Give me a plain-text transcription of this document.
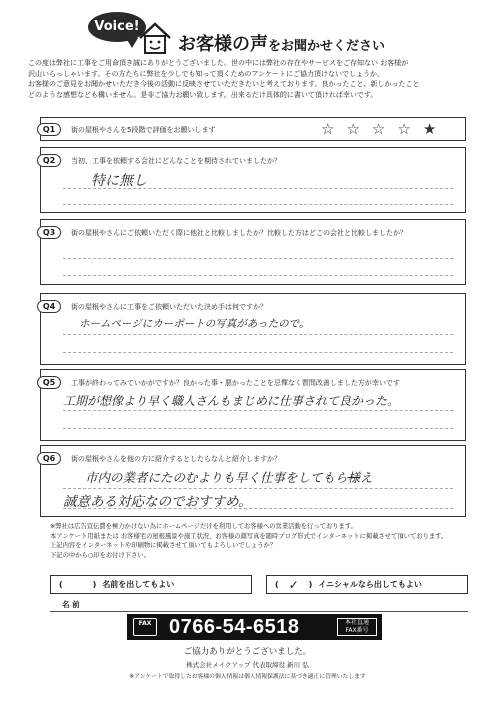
Voice!
お客様の声をお聞かせください

この度は弊社に工事をご用命頂き誠にありがとうございました。世の中には弊社の存在やサービスをご存知ない お客様が

沢山いらっしゃいます。その方たちに弊社を少しでも知って頂くためのアンケートにご協力頂けないでしょうか。

お客様のご意見をお聞かせいただき今後の活動に反映させていただきたいと考えております。良かったこと、新しかったこと

どのような感想なども構いません。是非ご協力お願い致します。出来るだけ具体的に書いて頂ければ幸いです。

Q1	街の屋根やさんを5段階で評価をお願いします	☆ ☆ ☆ ☆ ★
Q2	当初、工事を依頼する会社にどんなことを期待されていましたか？
特に無し
Q3	街の屋根やさんにご依頼いただく際に他社と比較しましたか？比較した方はどこの会社と比較しましたか？
Q4	街の屋根やさんに工事をご依頼いただいた決め手は何ですか？
ホームページにカーポートの写真があったので。
Q5	工事が終わってみていかがですか？良かった事・悪かったことを忌憚なく質問改善しました方が幸いです
工期が想像より早く職人さんもまじめに仕事されて良かった。
Q6	街の屋根やさんを他の方に紹介するとしたらなんと紹介しますか？
市内の業者にたのむよりも早く仕事をしてもら様え
誠意ある対応なのでおすすめ。

※弊社は広告宣伝費を極力かけない為にホームページだけを利用してお客様への営業活動を行っております。

本アンケート用紙または お客様宅の屋根風景や施工状況、お客様の顔写真を随時ブログ形式でインターネットに掲載させて頂いております。

上記内容をインターネットや印刷物に掲載させて頂いてもよろしいでしょうか？

下記の中から○印をお付け下さい。

(	) 名前を出してもよい	( ✓	) イニシャルなら出してもよい
名 前
FAX 0766-54-6518	本社直通
FAX番号
ご協力ありがとうございました。
株式会社メイクアップ 代表取締役 新川 弘
※アンケートで取得したお客様の個人情報は個人情報保護法に基づき適正に管理いたします
